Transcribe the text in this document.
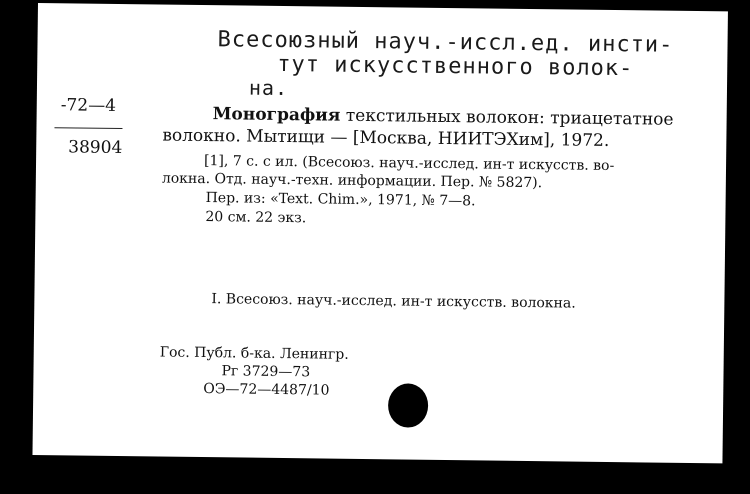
Всесоюзный науч.-иссл.ед. инсти-
тут искусственного волок-
на.
-72—4
38904
Монография текстильных волокон: триацетатное
волокно. Мытищи — [Москва, НИИТЭХим], 1972.
[1], 7 с. с ил. (Всесоюз. науч.-исслед. ин-т искусств. во-
локна. Отд. науч.-техн. информации. Пер. № 5827).
Пер. из: «Text. Chim.», 1971, № 7—8.
20 см. 22 экз.
I. Всесоюз. науч.-исслед. ин-т искусств. волокна.
Гос. Публ. б-ка. Ленингр.
Рг 3729—73
ОЭ—72—4487/10
